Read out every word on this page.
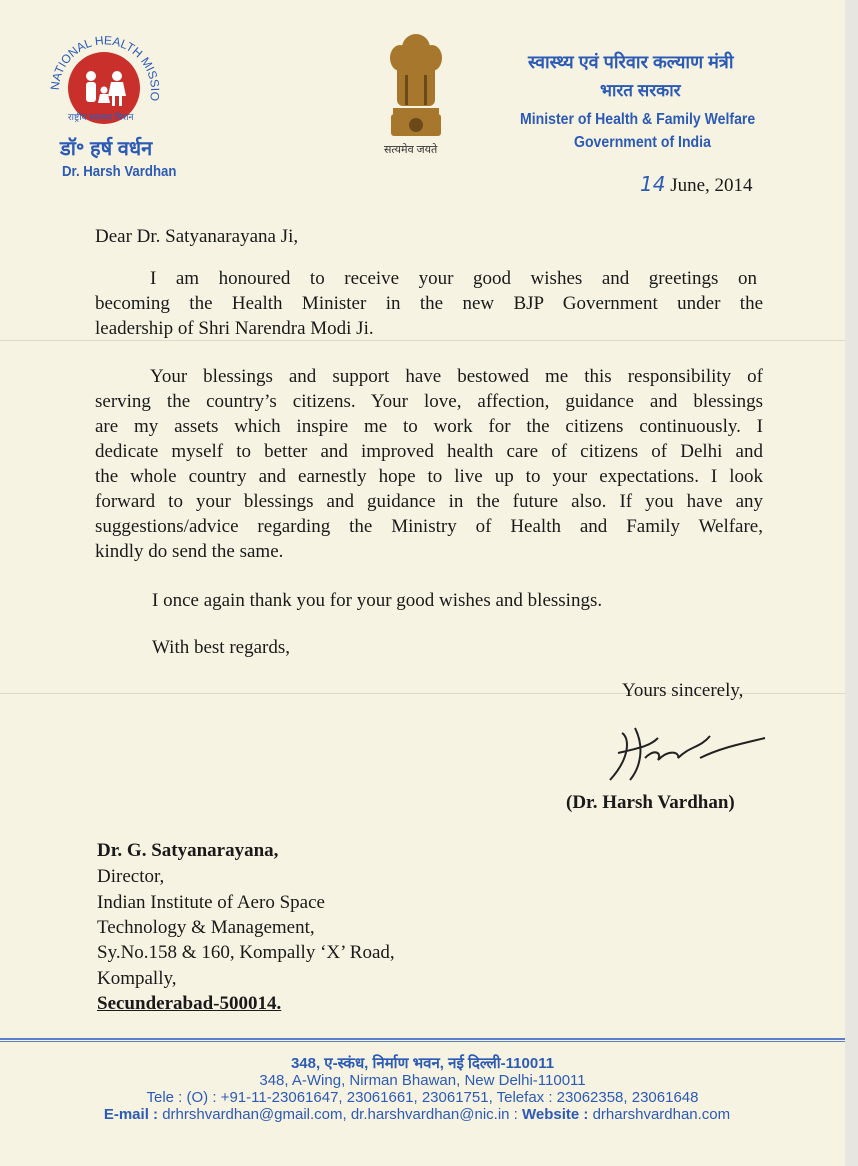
NATIONAL HEALTH MISSIO
राष्ट्रीय स्वास्थ्य मिशन
डॉ॰ हर्ष वर्धन
Dr. Harsh Vardhan
सत्यमेव जयते
स्वास्थ्य एवं परिवार कल्याण मंत्री
भारत सरकार
Minister of Health & Family Welfare
Government of India
14 June, 2014
Dear Dr. Satyanarayana Ji,
I am honoured to receive your good wishes and greetings on
becoming the Health Minister in the new BJP Government under the
leadership of Shri Narendra Modi Ji.
Your blessings and support have bestowed me this responsibility of
serving the country’s citizens. Your love, affection, guidance and blessings
are my assets which inspire me to work for the citizens continuously. I
dedicate myself to better and improved health care of citizens of Delhi and
the whole country and earnestly hope to live up to your expectations. I look
forward to your blessings and guidance in the future also. If you have any
suggestions/advice regarding the Ministry of Health and Family Welfare,
kindly do send the same.
I once again thank you for your good wishes and blessings.
With best regards,
Yours sincerely,
(Dr. Harsh Vardhan)
Dr. G. Satyanarayana,
Director,
Indian Institute of Aero Space
Technology & Management,
Sy.No.158 & 160, Kompally ‘X’ Road,
Kompally,
Secunderabad-500014.
348, ए-स्कंध, निर्माण भवन, नई दिल्ली-110011
348, A-Wing, Nirman Bhawan, New Delhi-110011
Tele : (O) : +91-11-23061647, 23061661, 23061751, Telefax : 23062358, 23061648
E-mail : drhrshvardhan@gmail.com, dr.harshvardhan@nic.in : Website : drharshvardhan.com
